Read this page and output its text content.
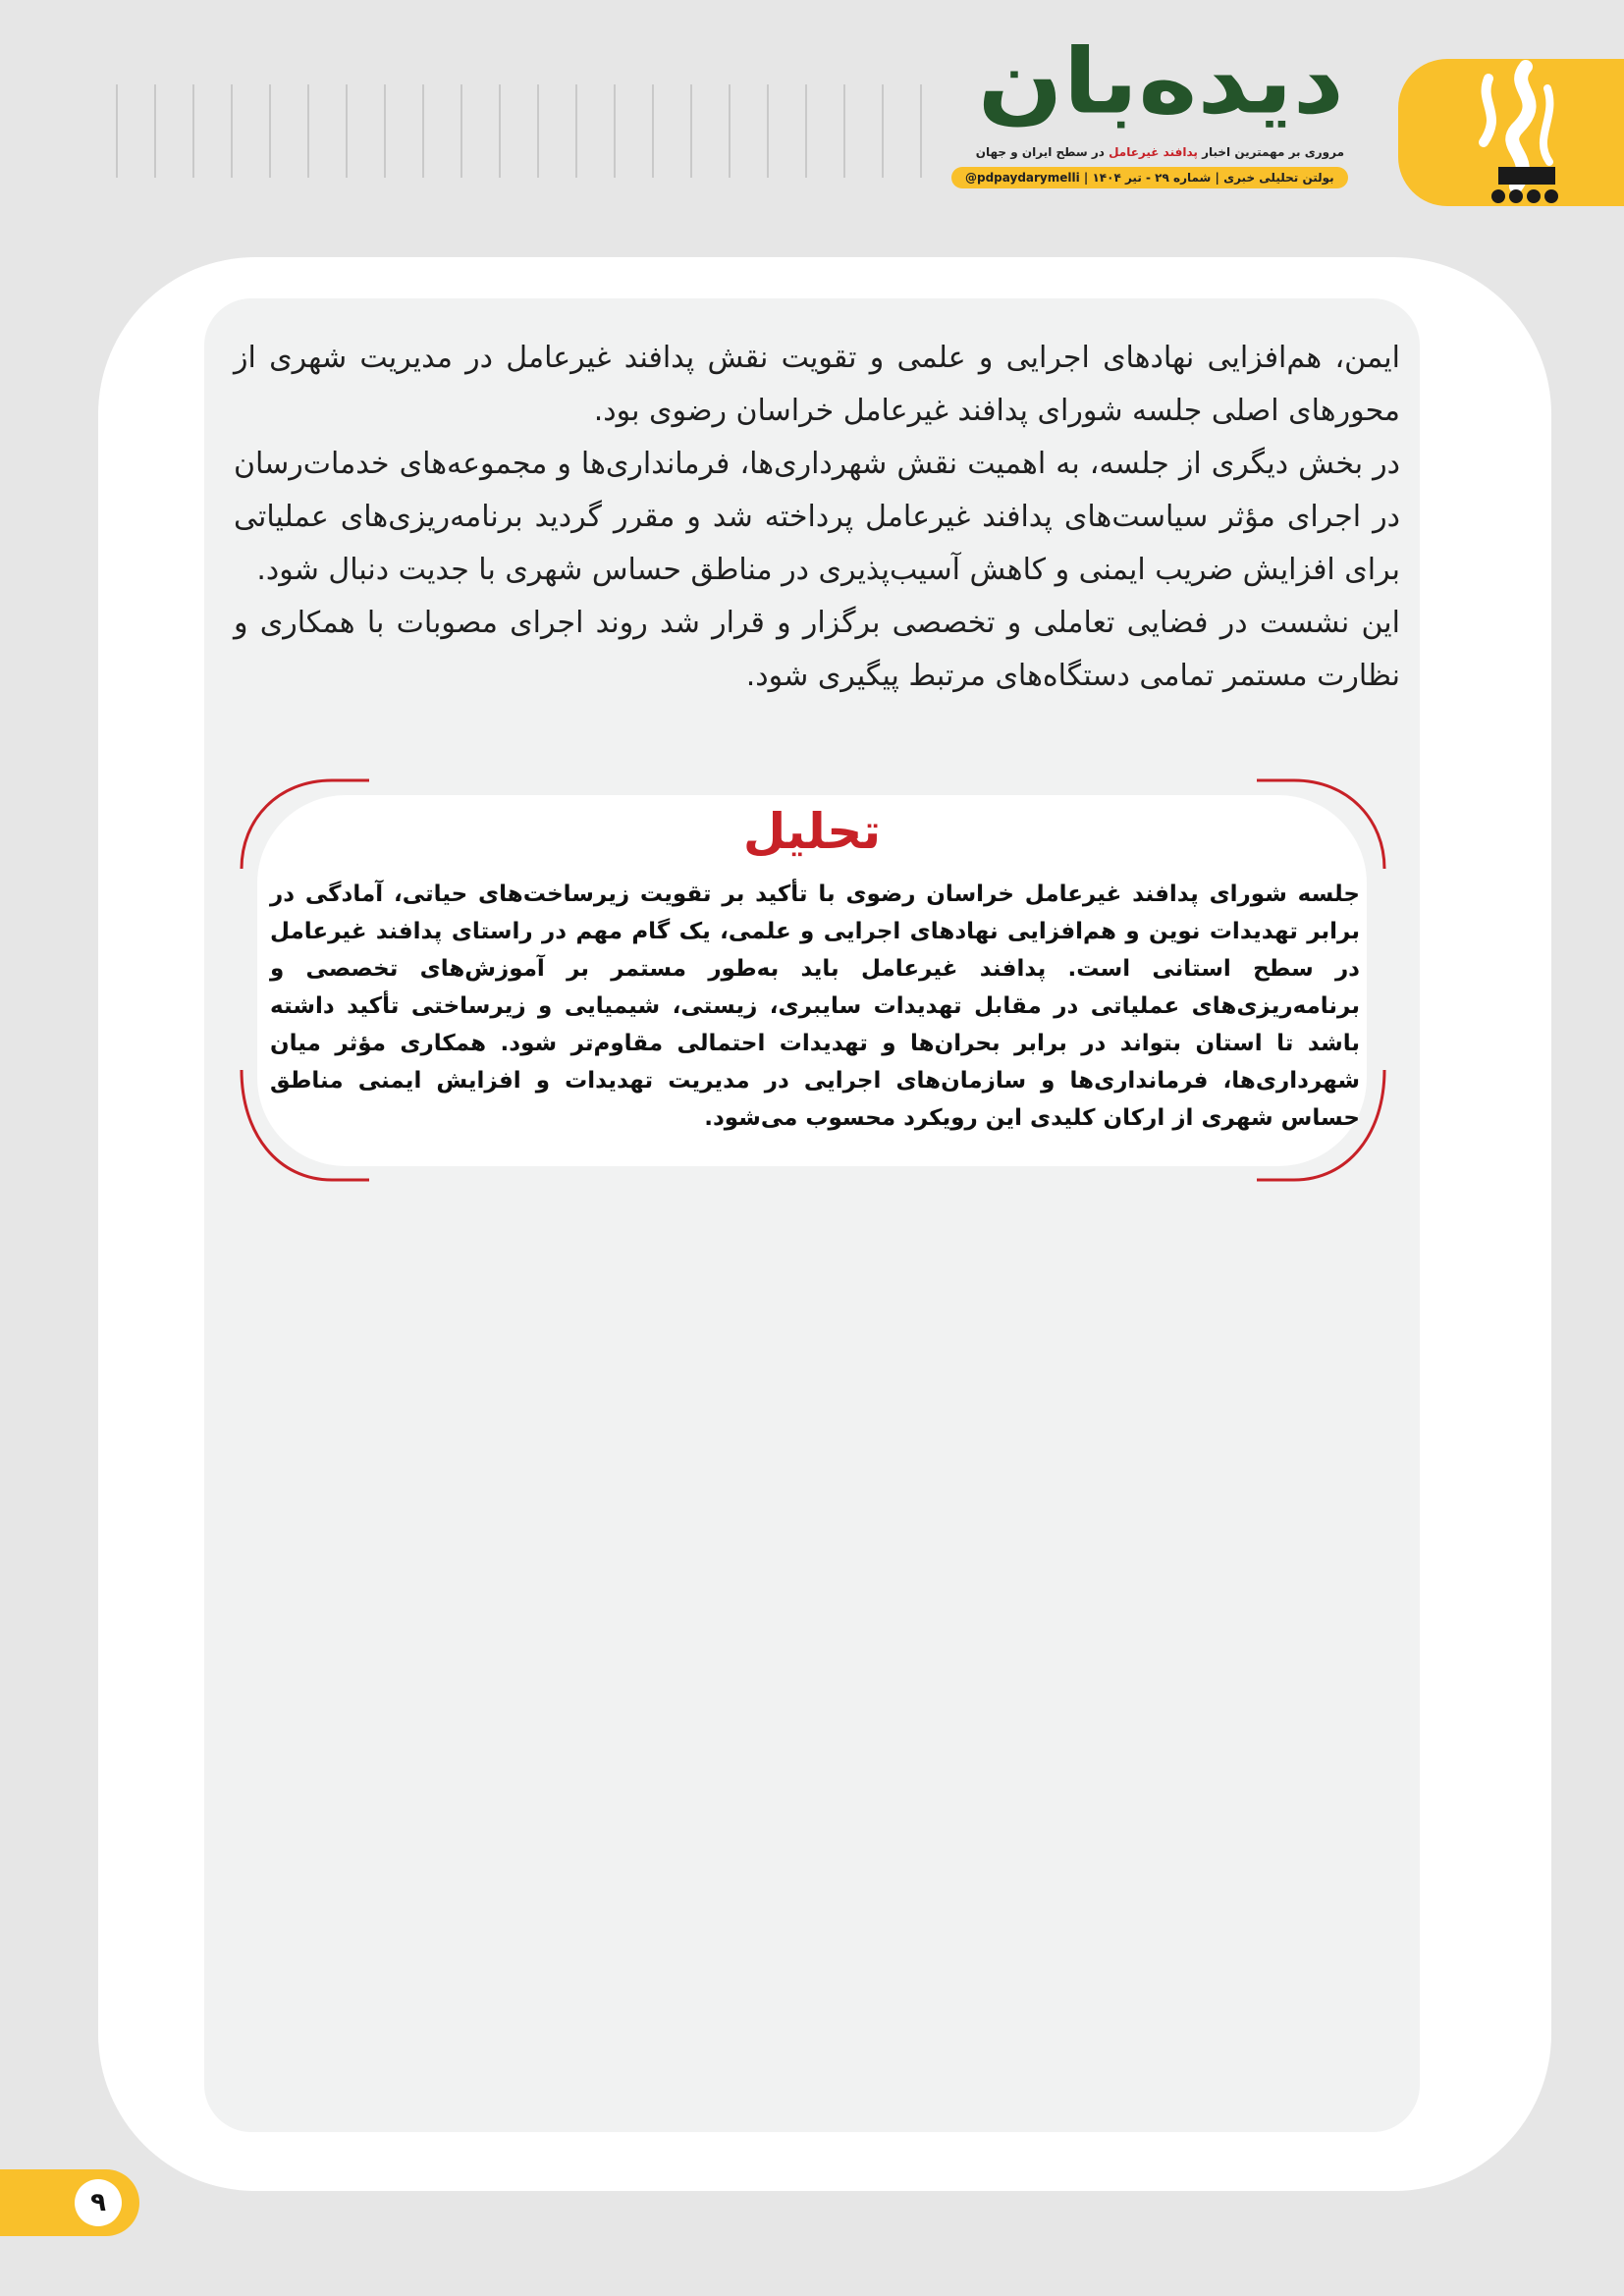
دیده‌بان
مروری بر مهمترین اخبار پدافند غیرعامل در سطح ایران و جهان
بولتن تحلیلی خبری | شماره ۲۹ - تیر ۱۴۰۴ | @pdpaydarymelli

ایمن، هم‌افزایی نهادهای اجرایی و علمی و تقویت نقش پدافند غیرعامل در مدیریت شهری از محورهای اصلی جلسه شورای پدافند غیرعامل خراسان رضوی بود.

در بخش دیگری از جلسه، به اهمیت نقش شهرداری‌ها، فرمانداری‌ها و مجموعه‌های خدمات‌رسان در اجرای مؤثر سیاست‌های پدافند غیرعامل پرداخته شد و مقرر گردید برنامه‌ریزی‌های عملیاتی برای افزایش ضریب ایمنی و کاهش آسیب‌پذیری در مناطق حساس شهری با جدیت دنبال شود.

این نشست در فضایی تعاملی و تخصصی برگزار و قرار شد روند اجرای مصوبات با همکاری و نظارت مستمر تمامی دستگاه‌های مرتبط پیگیری شود.

تحلیل
جلسه شورای پدافند غیرعامل خراسان رضوی با تأکید بر تقویت زیرساخت‌های حیاتی، آمادگی در برابر تهدیدات نوین و هم‌افزایی نهادهای اجرایی و علمی، یک گام مهم در راستای پدافند غیرعامل در سطح استانی است. پدافند غیرعامل باید به‌طور مستمر بر آموزش‌های تخصصی و برنامه‌ریزی‌های عملیاتی در مقابل تهدیدات سایبری، زیستی، شیمیایی و زیرساختی تأکید داشته باشد تا استان بتواند در برابر بحران‌ها و تهدیدات احتمالی مقاوم‌تر شود. همکاری مؤثر میان شهرداری‌ها، فرمانداری‌ها و سازمان‌های اجرایی در مدیریت تهدیدات و افزایش ایمنی مناطق حساس شهری از ارکان کلیدی این رویکرد محسوب می‌شود.
۹
